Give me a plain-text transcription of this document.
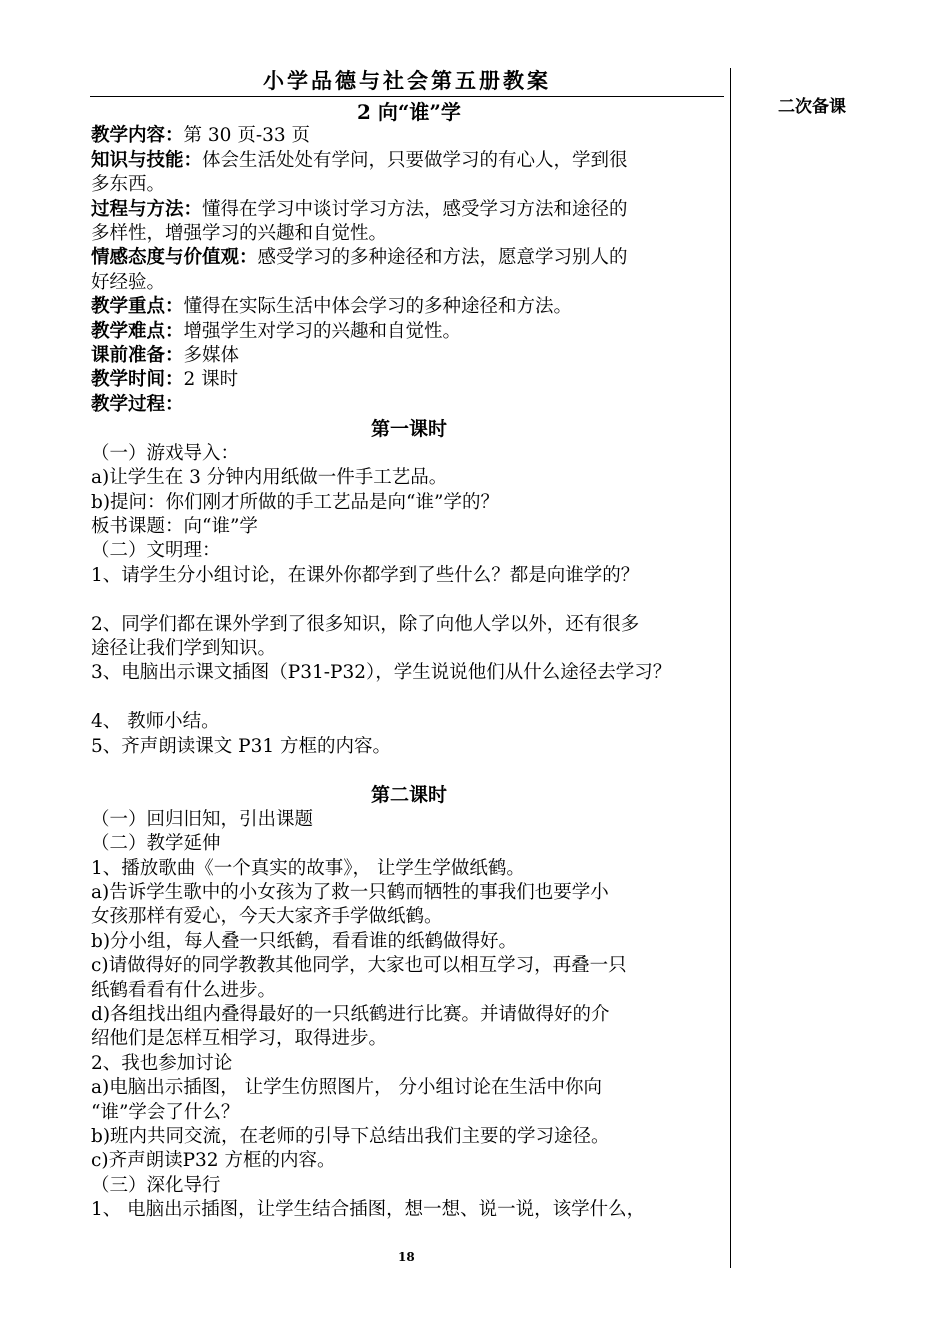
小学品德与社会第五册教案
二次备课
2 向“谁”学
教学内容：第 30 页-33 页
知识与技能：体会生活处处有学问，只要做学习的有心人，学到很
多东西。
过程与方法：懂得在学习中谈讨学习方法，感受学习方法和途径的
多样性，增强学习的兴趣和自觉性。
情感态度与价值观：感受学习的多种途径和方法，愿意学习别人的
好经验。
教学重点：懂得在实际生活中体会学习的多种途径和方法。
教学难点：增强学生对学习的兴趣和自觉性。
课前准备：多媒体
教学时间：2 课时
教学过程：
第一课时
（一）游戏导入：
a)让学生在 3 分钟内用纸做一件手工艺品。
b)提问：你们刚才所做的手工艺品是向“谁”学的？
板书课题：向“谁”学
（二）文明理：
1、请学生分小组讨论，在课外你都学到了些什么？都是向谁学的？
2、同学们都在课外学到了很多知识，除了向他人学以外，还有很多
途径让我们学到知识。
3、电脑出示课文插图（P31-P32），学生说说他们从什么途径去学习？
4、 教师小结。
5、齐声朗读课文 P31 方框的内容。
第二课时
（一）回归旧知，引出课题
（二）教学延伸
1、播放歌曲《一个真实的故事》， 让学生学做纸鹤。
a)告诉学生歌中的小女孩为了救一只鹤而牺牲的事我们也要学小
女孩那样有爱心，今天大家齐手学做纸鹤。
b)分小组，每人叠一只纸鹤，看看谁的纸鹤做得好。
c)请做得好的同学教教其他同学，大家也可以相互学习，再叠一只
纸鹤看看有什么进步。
d)各组找出组内叠得最好的一只纸鹤进行比赛。并请做得好的介
绍他们是怎样互相学习，取得进步。
2、我也参加讨论
a)电脑出示插图， 让学生仿照图片， 分小组讨论在生活中你向
“谁”学会了什么？
b)班内共同交流，在老师的引导下总结出我们主要的学习途径。
c)齐声朗读P32 方框的内容。
（三）深化导行
1、 电脑出示插图，让学生结合插图，想一想、说一说，该学什么，
18
